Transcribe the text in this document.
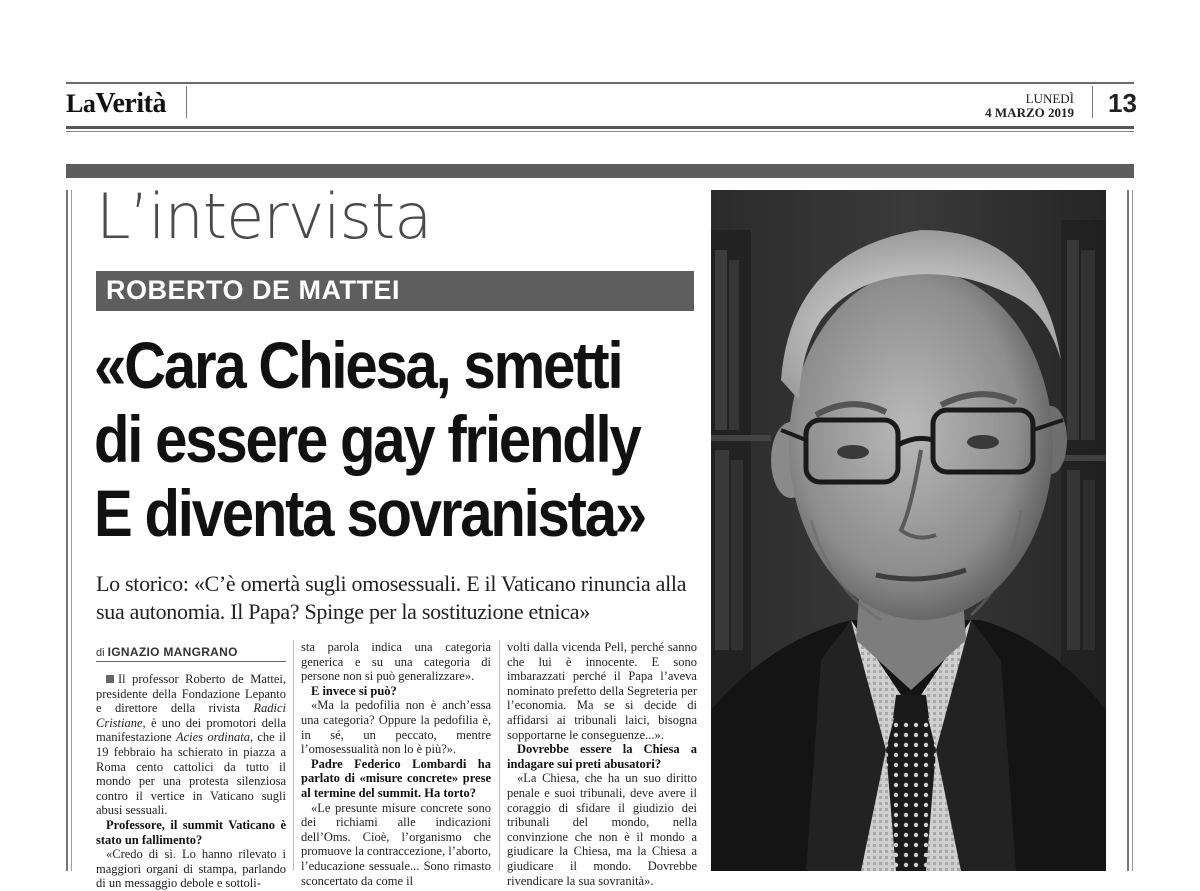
LaVerità	LUNEDÌ
4 MARZO 2019 13
L’intervista
ROBERTO DE MATTEI
«Cara Chiesa, smetti
di essere gay friendly
E diventa sovranista»
Lo storico: «C’è omertà sugli omosessuali. E il Vaticano rinuncia alla sua autonomia. Il Papa? Spinge per la sostituzione etnica»
di IGNAZIO MANGRANO

Il professor Roberto de Mattei, presidente della Fondazione Lepanto e direttore della rivista Radici Cristiane, è uno dei promotori della manifestazione Acies ordinata, che il 19 febbraio ha schierato in piazza a Roma cento cattolici da tutto il mondo per una protesta silenziosa contro il vertice in Vaticano sugli abusi sessuali.

Professore, il summit Vaticano è stato un fallimento?

«Credo di sì. Lo hanno rilevato i maggiori organi di stampa, parlando di un messaggio debole e sottoli-

sta parola indica una categoria generica e su una categoria di persone non si può generalizzare».

E invece si può?

«Ma la pedofilia non è anch’essa una categoria? Oppure la pedofilia è, in sé, un peccato, mentre l’omosessualità non lo è più?».

Padre Federico Lombardi ha parlato di «misure concrete» prese al termine del summit. Ha torto?

«Le presunte misure concrete sono dei richiami alle indicazioni dell’Oms. Cioè, l’organismo che promuove la contraccezione, l’aborto, l’educazione sessuale... Sono rimasto sconcertato da come il

volti dalla vicenda Pell, perché sanno che lui è innocente. E sono imbarazzati perché il Papa l’aveva nominato prefetto della Segreteria per l’economia. Ma se si decide di affidarsi ai tribunali laici, bisogna sopportarne le conseguenze...».

Dovrebbe essere la Chiesa a indagare sui preti abusatori?

«La Chiesa, che ha un suo diritto penale e suoi tribunali, deve avere il coraggio di sfidare il giudizio dei tribunali del mondo, nella convinzione che non è il mondo a giudicare la Chiesa, ma la Chiesa a giudicare il mondo. Dovrebbe rivendicare la sua sovranità».
